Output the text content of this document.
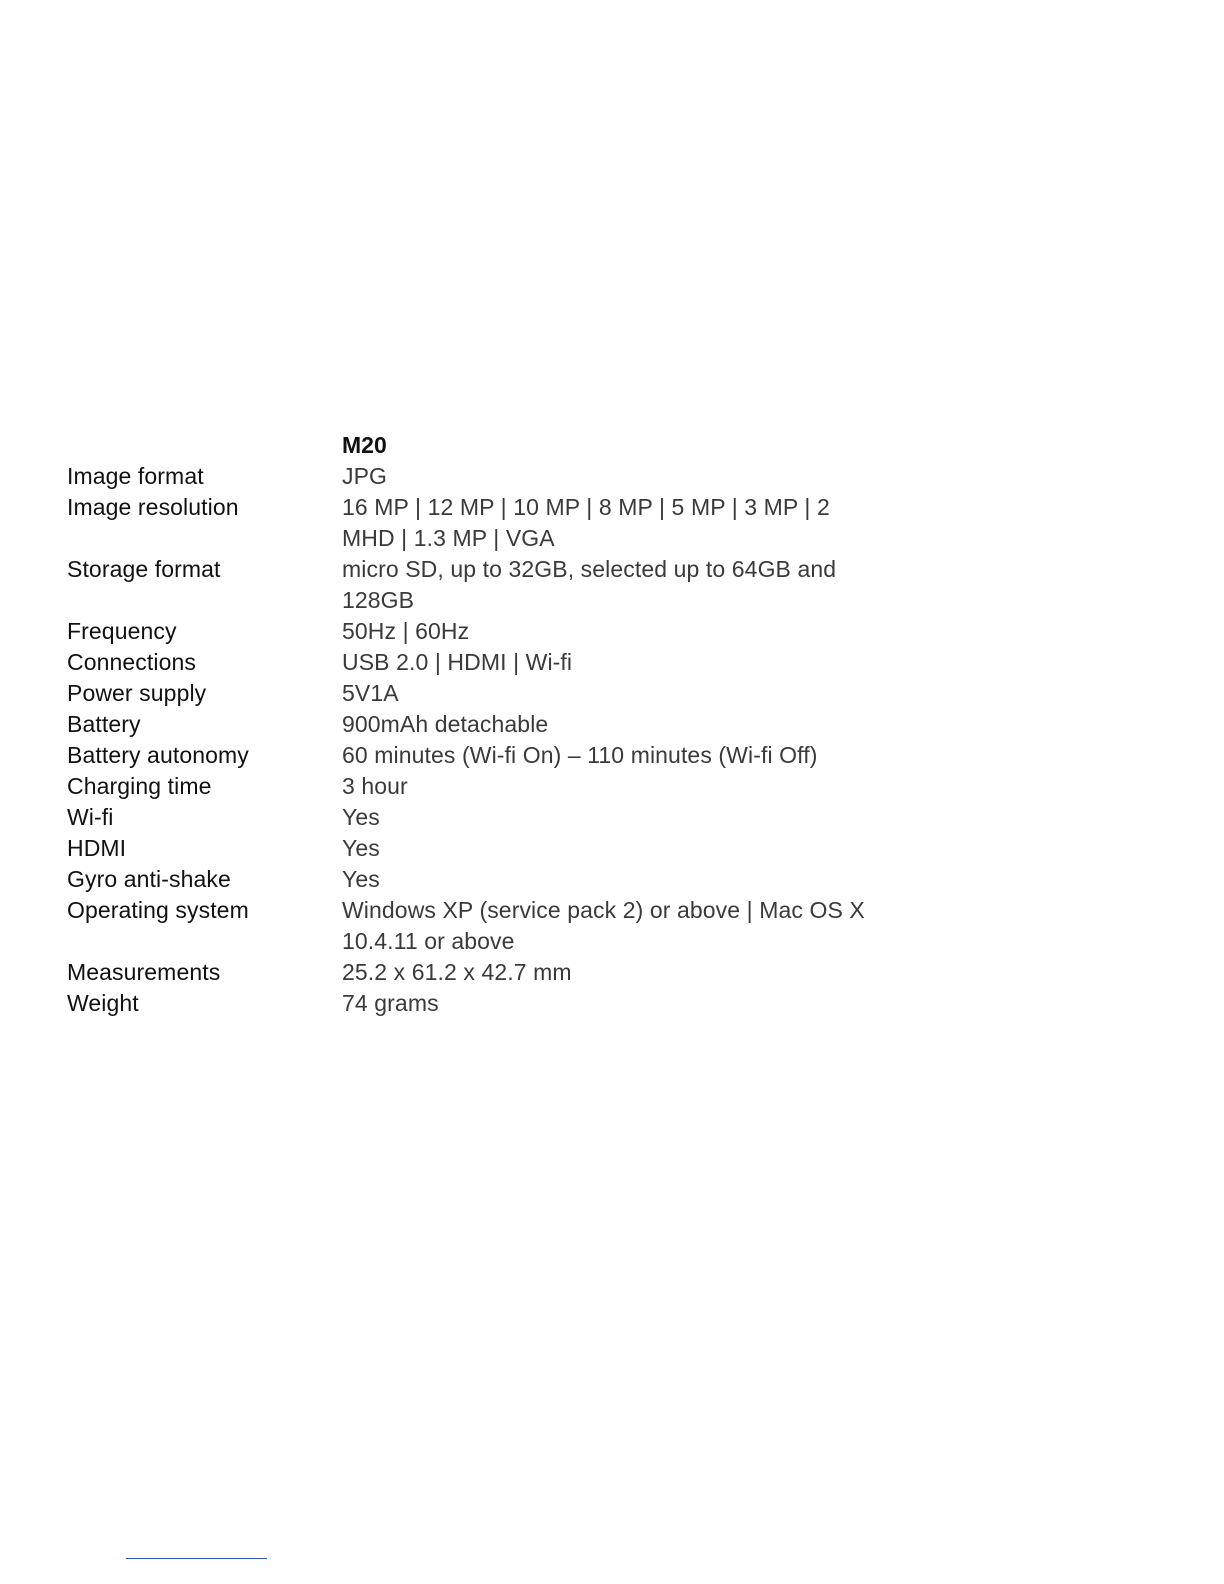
M20
Image format	JPG
Image resolution	16 MP | 12 MP | 10 MP | 8 MP | 5 MP | 3 MP | 2 MHD | 1.3 MP | VGA
Storage format	micro SD, up to 32GB, selected up to 64GB and 128GB
Frequency	50Hz | 60Hz
Connections	USB 2.0 | HDMI | Wi-fi
Power supply	5V1A
Battery	900mAh detachable
Battery autonomy	60 minutes (Wi-fi On) – 110 minutes (Wi-fi Off)
Charging time	3 hour
Wi-fi	Yes
HDMI	Yes
Gyro anti-shake	Yes
Operating system	Windows XP (service pack 2) or above | Mac OS X 10.4.11 or above
Measurements	25.2 x 61.2 x 42.7 mm
Weight	74 grams
